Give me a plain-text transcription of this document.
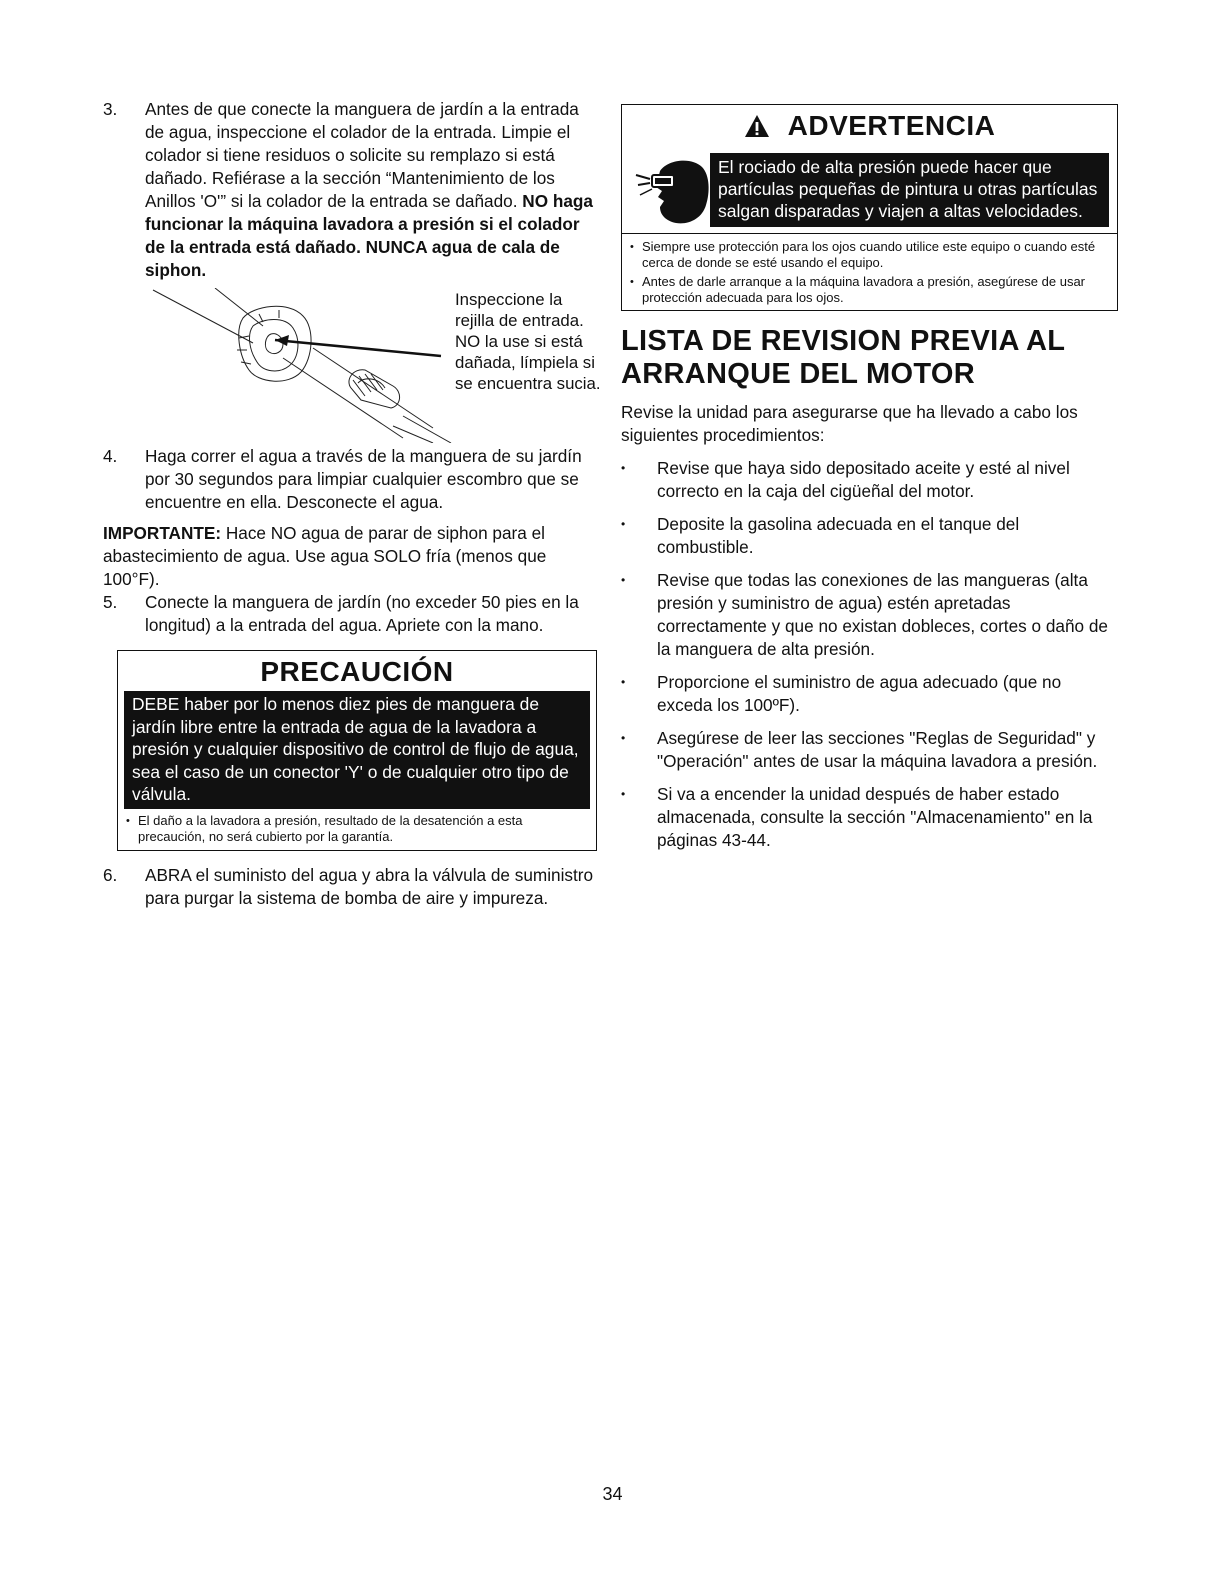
3. Antes de que conecte la manguera de jardín a la entrada de agua, inspeccione el colador de la entrada. Limpie el colador si tiene residuos o solicite su remplazo si está dañado. Refiérase a la sección “Mantenimiento de los Anillos 'O'” si la colador de la entrada se dañado. NO haga funcionar la máquina lavadora a presión si el colador de la entrada está dañado. NUNCA agua de cala de siphon.

Inspeccione la rejilla de entrada. NO la use si está dañada, límpiela si se encuentra sucia.

4. Haga correr el agua a través de la manguera de su jardín por 30 segundos para limpiar cualquier escombro que se encuentre en ella. Desconecte el agua.

IMPORTANTE: Hace NO agua de parar de siphon para el abastecimiento de agua. Use agua SOLO fría (menos que 100°F).

5. Conecte la manguera de jardín (no exceder 50 pies en la longitud) a la entrada del agua. Apriete con la mano.

PRECAUCIÓN

DEBE haber por lo menos diez pies de manguera de jardín libre entre la entrada de agua de la lavadora a presión y cualquier dispositivo de control de flujo de agua, sea el caso de un conector 'Y' o de cualquier otro tipo de válvula.

• El daño a la lavadora a presión, resultado de la desatención a esta precaución, no será cubierto por la garantía.

6. ABRA el suministo del agua y abra la válvula de suministro para purgar la sistema de bomba de aire y impureza.

ADVERTENCIA

El rociado de alta presión puede hacer que partículas pequeñas de pintura u otras partículas salgan disparadas y viajen a altas velocidades.

• Siempre use protección para los ojos cuando utilice este equipo o cuando esté cerca de donde se esté usando el equipo.
• Antes de darle arranque a la máquina lavadora a presión, asegúrese de usar protección adecuada para los ojos.
LISTA DE REVISION PREVIA AL ARRANQUE DEL MOTOR

Revise la unidad para asegurarse que ha llevado a cabo los siguientes procedimientos:

• Revise que haya sido depositado aceite y esté al nivel correcto en la caja del cigüeñal del motor.
• Deposite la gasolina adecuada en el tanque del combustible.
• Revise que todas las conexiones de las mangueras (alta presión y suministro de agua) estén apretadas correctamente y que no existan dobleces, cortes o daño de la manguera de alta presión.
• Proporcione el suministro de agua adecuado (que no exceda los 100ºF).
• Asegúrese de leer las secciones "Reglas de Seguridad" y "Operación" antes de usar la máquina lavadora a presión.
• Si va a encender la unidad después de haber estado almacenada, consulte la sección "Almacenamiento" en la páginas 43-44.
34
